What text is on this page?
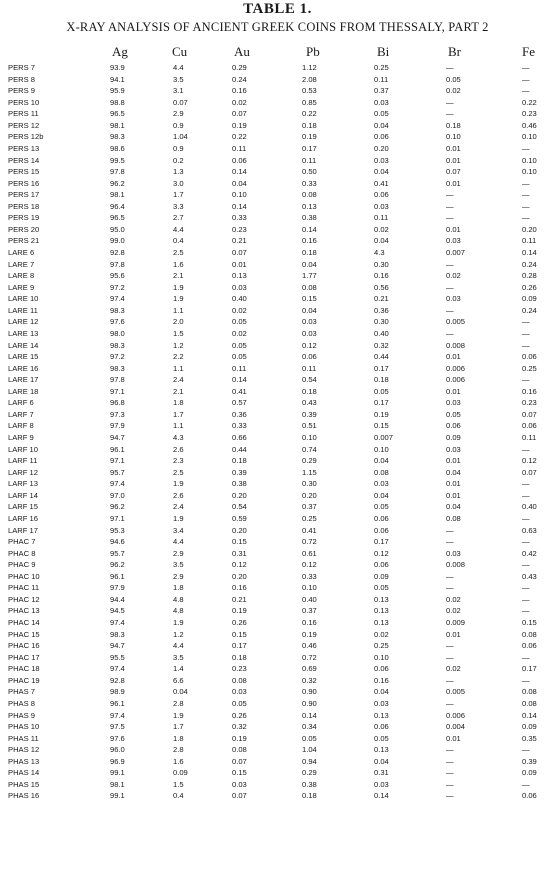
TABLE 1.
X-RAY ANALYSIS OF ANCIENT GREEK COINS FROM THESSALY, PART 2
Ag	Cu	Au	Pb	Bi	Br	Fe
PERS 7	93.9	4.4	0.29	1.12	0.25	—	—
PERS 8	94.1	3.5	0.24	2.08	0.11	0.05	—
PERS 9	95.9	3.1	0.16	0.53	0.37	0.02	—
PERS 10	98.8	0.07	0.02	0.85	0.03	—	0.22
PERS 11	96.5	2.9	0.07	0.22	0.05	—	0.23
PERS 12	98.1	0.9	0.19	0.18	0.04	0.18	0.46
PERS 12b	98.3	1.04	0.22	0.19	0.06	0.10	0.10
PERS 13	98.6	0.9	0.11	0.17	0.20	0.01	—
PERS 14	99.5	0.2	0.06	0.11	0.03	0.01	0.10
PERS 15	97.8	1.3	0.14	0.50	0.04	0.07	0.10
PERS 16	96.2	3.0	0.04	0.33	0.41	0.01	—
PERS 17	98.1	1.7	0.10	0.08	0.06	—	—
PERS 18	96.4	3.3	0.14	0.13	0.03	—	—
PERS 19	96.5	2.7	0.33	0.38	0.11	—	—
PERS 20	95.0	4.4	0.23	0.14	0.02	0.01	0.20
PERS 21	99.0	0.4	0.21	0.16	0.04	0.03	0.11
LARE 6	92.8	2.5	0.07	0.18	4.3	0.007	0.14
LARE 7	97.8	1.6	0.01	0.04	0.30	—	0.24
LARE 8	95.6	2.1	0.13	1.77	0.16	0.02	0.28
LARE 9	97.2	1.9	0.03	0.08	0.56	—	0.26
LARE 10	97.4	1.9	0.40	0.15	0.21	0.03	0.09
LARE 11	98.3	1.1	0.02	0.04	0.36	—	0.24
LARE 12	97.6	2.0	0.05	0.03	0.30	0.005	—
LARE 13	98.0	1.5	0.02	0.03	0.40	—	—
LARE 14	98.3	1.2	0.05	0.12	0.32	0.008	—
LARE 15	97.2	2.2	0.05	0.06	0.44	0.01	0.06
LARE 16	98.3	1.1	0.11	0.11	0.17	0.006	0.25
LARE 17	97.8	2.4	0.14	0.54	0.18	0.006	—
LARE 18	97.1	2.1	0.41	0.18	0.05	0.01	0.16
LARF 6	96.8	1.8	0.57	0.43	0.17	0.03	0.23
LARF 7	97.3	1.7	0.36	0.39	0.19	0.05	0.07
LARF 8	97.9	1.1	0.33	0.51	0.15	0.06	0.06
LARF 9	94.7	4.3	0.66	0.10	0.007	0.09	0.11
LARF 10	96.1	2.6	0.44	0.74	0.10	0.03	—
LARF 11	97.1	2.3	0.18	0.29	0.04	0.01	0.12
LARF 12	95.7	2.5	0.39	1.15	0.08	0.04	0.07
LARF 13	97.4	1.9	0.38	0.30	0.03	0.01	—
LARF 14	97.0	2.6	0.20	0.20	0.04	0.01	—
LARF 15	96.2	2.4	0.54	0.37	0.05	0.04	0.40
LARF 16	97.1	1.9	0.59	0.25	0.06	0.08	—
LARF 17	95.3	3.4	0.20	0.41	0.06	—	0.63
PHAC 7	94.6	4.4	0.15	0.72	0.17	—	—
PHAC 8	95.7	2.9	0.31	0.61	0.12	0.03	0.42
PHAC 9	96.2	3.5	0.12	0.12	0.06	0.008	—
PHAC 10	96.1	2.9	0.20	0.33	0.09	—	0.43
PHAC 11	97.9	1.8	0.16	0.10	0.05	—	—
PHAC 12	94.4	4.8	0.21	0.40	0.13	0.02	—
PHAC 13	94.5	4.8	0.19	0.37	0.13	0.02	—
PHAC 14	97.4	1.9	0.26	0.16	0.13	0.009	0.15
PHAC 15	98.3	1.2	0.15	0.19	0.02	0.01	0.08
PHAC 16	94.7	4.4	0.17	0.46	0.25	—	0.06
PHAC 17	95.5	3.5	0.18	0.72	0.10	—	—
PHAC 18	97.4	1.4	0.23	0.69	0.06	0.02	0.17
PHAC 19	92.8	6.6	0.08	0.32	0.16	—	—
PHAS 7	98.9	0.04	0.03	0.90	0.04	0.005	0.08
PHAS 8	96.1	2.8	0.05	0.90	0.03	—	0.08
PHAS 9	97.4	1.9	0.26	0.14	0.13	0.006	0.14
PHAS 10	97.5	1.7	0.32	0.34	0.06	0.004	0.09
PHAS 11	97.6	1.8	0.19	0.05	0.05	0.01	0.35
PHAS 12	96.0	2.8	0.08	1.04	0.13	—	—
PHAS 13	96.9	1.6	0.07	0.94	0.04	—	0.39
PHAS 14	99.1	0.09	0.15	0.29	0.31	—	0.09
PHAS 15	98.1	1.5	0.03	0.38	0.03	—	—
PHAS 16	99.1	0.4	0.07	0.18	0.14	—	0.06
